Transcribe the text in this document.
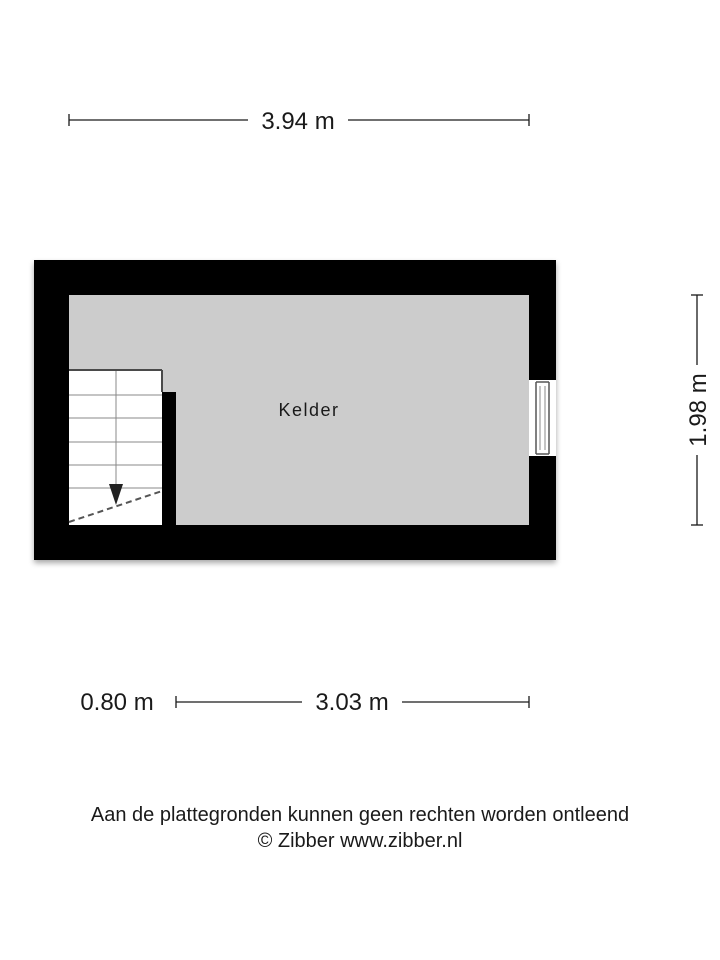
3.94 m
Kelder	1.98 m
0.80 m	3.03 m
Aan de plattegronden kunnen geen rechten worden ontleend
© Zibber www.zibber.nl
